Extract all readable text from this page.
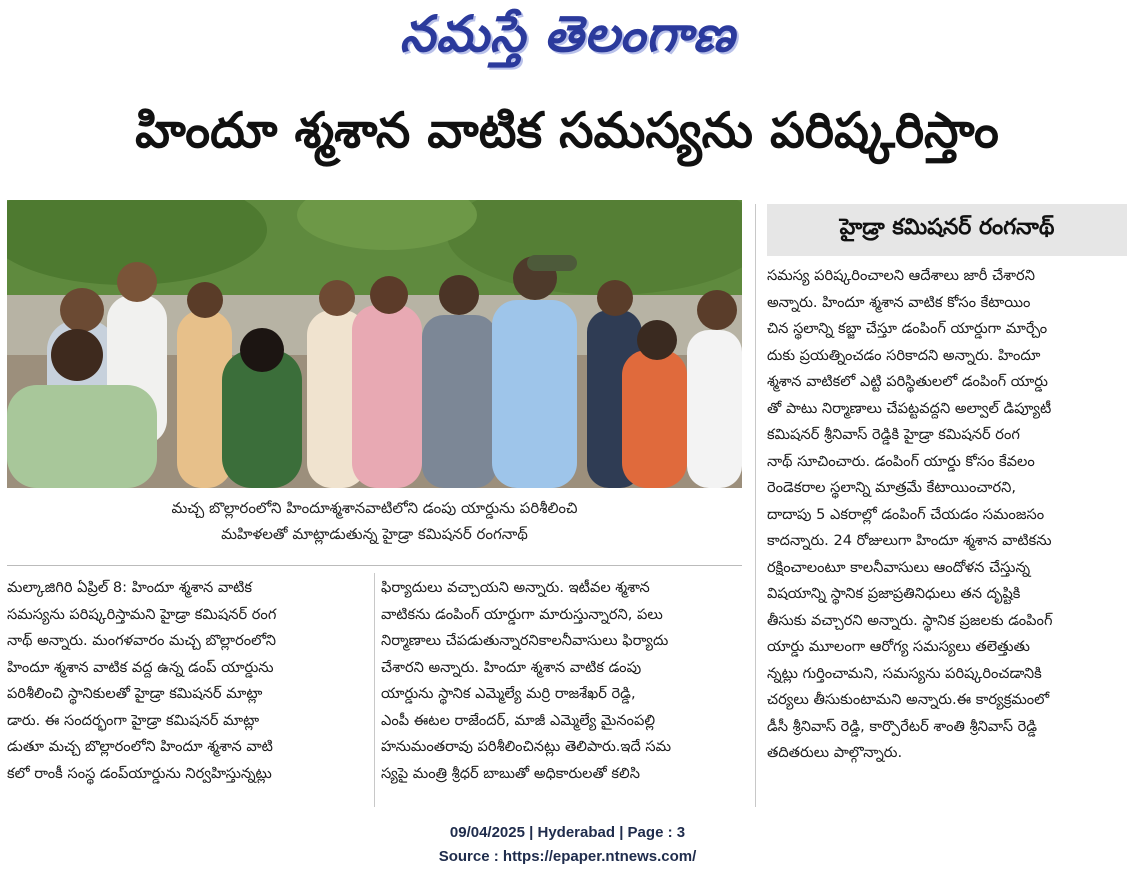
నమస్తే తెలంగాణ
హిందూ శ్మశాన వాటిక సమస్యను పరిష్కరిస్తాం
మచ్చ బొల్లారంలోని హిందూశ్మశానవాటిలోని డంపు యార్డును పరిశీలించి
మహిళలతో మాట్లాడుతున్న హైడ్రా కమిషనర్ రంగనాథ్
హైడ్రా కమిషనర్ రంగనాథ్
మల్కాజిగిరి ఏప్రిల్ 8: హిందూ శ్మశాన వాటిక
సమస్యను పరిష్కరిస్తామని హైడ్రా కమిషనర్ రంగ
నాథ్ అన్నారు. మంగళవారం మచ్చ బొల్లారంలోని
హిందూ శ్మశాన వాటిక వద్ద ఉన్న డంప్ యార్డును
పరిశీలించి స్థానికులతో హైడ్రా కమిషనర్ మాట్లా
డారు. ఈ సందర్భంగా హైడ్రా కమిషనర్ మాట్లా
డుతూ మచ్చ బొల్లారంలోని హిందూ శ్మశాన వాటి
కలో రాంకీ సంస్థ డంప్‌యార్డును నిర్వహిస్తున్నట్లు
ఫిర్యాదులు వచ్చాయని అన్నారు. ఇటీవల శ్మశాన
వాటికను డంపింగ్ యార్డుగా మారుస్తున్నారని, పలు
నిర్మాణాలు చేపడుతున్నారనికాలనీవాసులు ఫిర్యాదు
చేశారని అన్నారు. హిందూ శ్మశాన వాటిక డంపు
యార్డును స్థానిక ఎమ్మెల్యే మర్రి రాజశేఖర్ రెడ్డి,
ఎంపీ ఈటల రాజేందర్, మాజీ ఎమ్మెల్యే మైనంపల్లి
హనుమంతరావు పరిశీలించినట్లు తెలిపారు.ఇదే సమ
స్యపై మంత్రి శ్రీధర్ బాబుతో అధికారులతో కలిసి
సమస్య పరిష్కరించాలని ఆదేశాలు జారీ చేశారని
అన్నారు. హిందూ శ్మశాన వాటిక కోసం కేటాయిం
చిన స్థలాన్ని కబ్జా చేస్తూ డంపింగ్ యార్డుగా మార్చేం
దుకు ప్రయత్నించడం సరికాదని అన్నారు. హిందూ
శ్మశాన వాటికలో ఎట్టి పరిస్థితులలో డంపింగ్ యార్డు
తో పాటు నిర్మాణాలు చేపట్టవద్దని అల్వాల్ డిప్యూటీ
కమిషనర్ శ్రీనివాస్ రెడ్డికి హైడ్రా కమిషనర్ రంగ
నాథ్ సూచించారు. డంపింగ్ యార్డు కోసం కేవలం
రెండెకరాల స్థలాన్ని మాత్రమే కేటాయించారని,
దాదాపు 5 ఎకరాల్లో డంపింగ్ చేయడం సమంజసం
కాదన్నారు. 24 రోజులుగా హిందూ శ్మశాన వాటికను
రక్షించాలంటూ కాలనీవాసులు ఆందోళన చేస్తున్న
విషయాన్ని స్థానిక ప్రజాప్రతినిధులు తన దృష్టికి
తీసుకు వచ్చారని అన్నారు. స్థానిక ప్రజలకు డంపింగ్
యార్డు మూలంగా ఆరోగ్య సమస్యలు తలెత్తుతు
న్నట్లు గుర్తించామని, సమస్యను పరిష్కరించడానికి
చర్యలు తీసుకుంటామని అన్నారు.ఈ కార్యక్రమంలో
డీసీ శ్రీనివాస్ రెడ్డి, కార్పొరేటర్ శాంతి శ్రీనివాస్ రెడ్డి
తదితరులు పాల్గొన్నారు.
09/04/2025 | Hyderabad | Page : 3
Source : https://epaper.ntnews.com/
